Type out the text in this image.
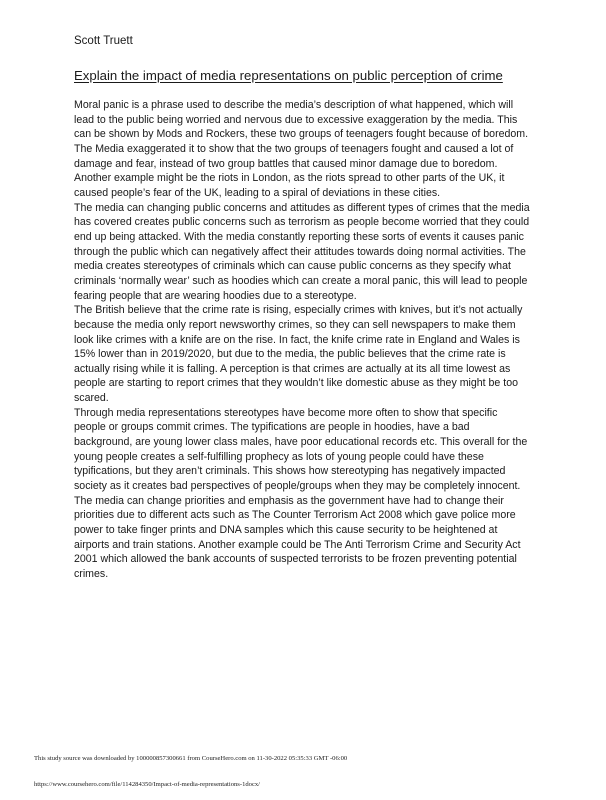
Scott Truett
Explain the impact of media representations on public perception of crime

Moral panic is a phrase used to describe the media’s description of what happened, which will lead to the public being worried and nervous due to excessive exaggeration by the media. This can be shown by Mods and Rockers, these two groups of teenagers fought because of boredom. The Media exaggerated it to show that the two groups of teenagers fought and caused a lot of damage and fear, instead of two group battles that caused minor damage due to boredom. Another example might be the riots in London, as the riots spread to other parts of the UK, it caused people’s fear of the UK, leading to a spiral of deviations in these cities.

The media can changing public concerns and attitudes as different types of crimes that the media has covered creates public concerns such as terrorism as people become worried that they could end up being attacked. With the media constantly reporting these sorts of events it causes panic through the public which can negatively affect their attitudes towards doing normal activities. The media creates stereotypes of criminals which can cause public concerns as they specify what criminals ‘normally wear’ such as hoodies which can create a moral panic, this will lead to people fearing people that are wearing hoodies due to a stereotype.

The British believe that the crime rate is rising, especially crimes with knives, but it’s not actually because the media only report newsworthy crimes, so they can sell newspapers to make them look like crimes with a knife are on the rise. In fact, the knife crime rate in England and Wales is 15% lower than in 2019/2020, but due to the media, the public believes that the crime rate is actually rising while it is falling. A perception is that crimes are actually at its all time lowest as people are starting to report crimes that they wouldn’t like domestic abuse as they might be too scared.

Through media representations stereotypes have become more often to show that specific people or groups commit crimes. The typifications are people in hoodies, have a bad background, are young lower class males, have poor educational records etc. This overall for the young people creates a self-fulfilling prophecy as lots of young people could have these typifications, but they aren’t criminals. This shows how stereotyping has negatively impacted society as it creates bad perspectives of people/groups when they may be completely innocent.

The media can change priorities and emphasis as the government have had to change their priorities due to different acts such as The Counter Terrorism Act 2008 which gave police more power to take finger prints and DNA samples which this cause security to be heightened at airports and train stations. Another example could be The Anti Terrorism Crime and Security Act 2001 which allowed the bank accounts of suspected terrorists to be frozen preventing potential crimes.

This study source was downloaded by 100000857300661 from CourseHero.com on 11-30-2022 05:35:33 GMT -06:00
https://www.coursehero.com/file/114284350/Impact-of-media-representations-1docx/
